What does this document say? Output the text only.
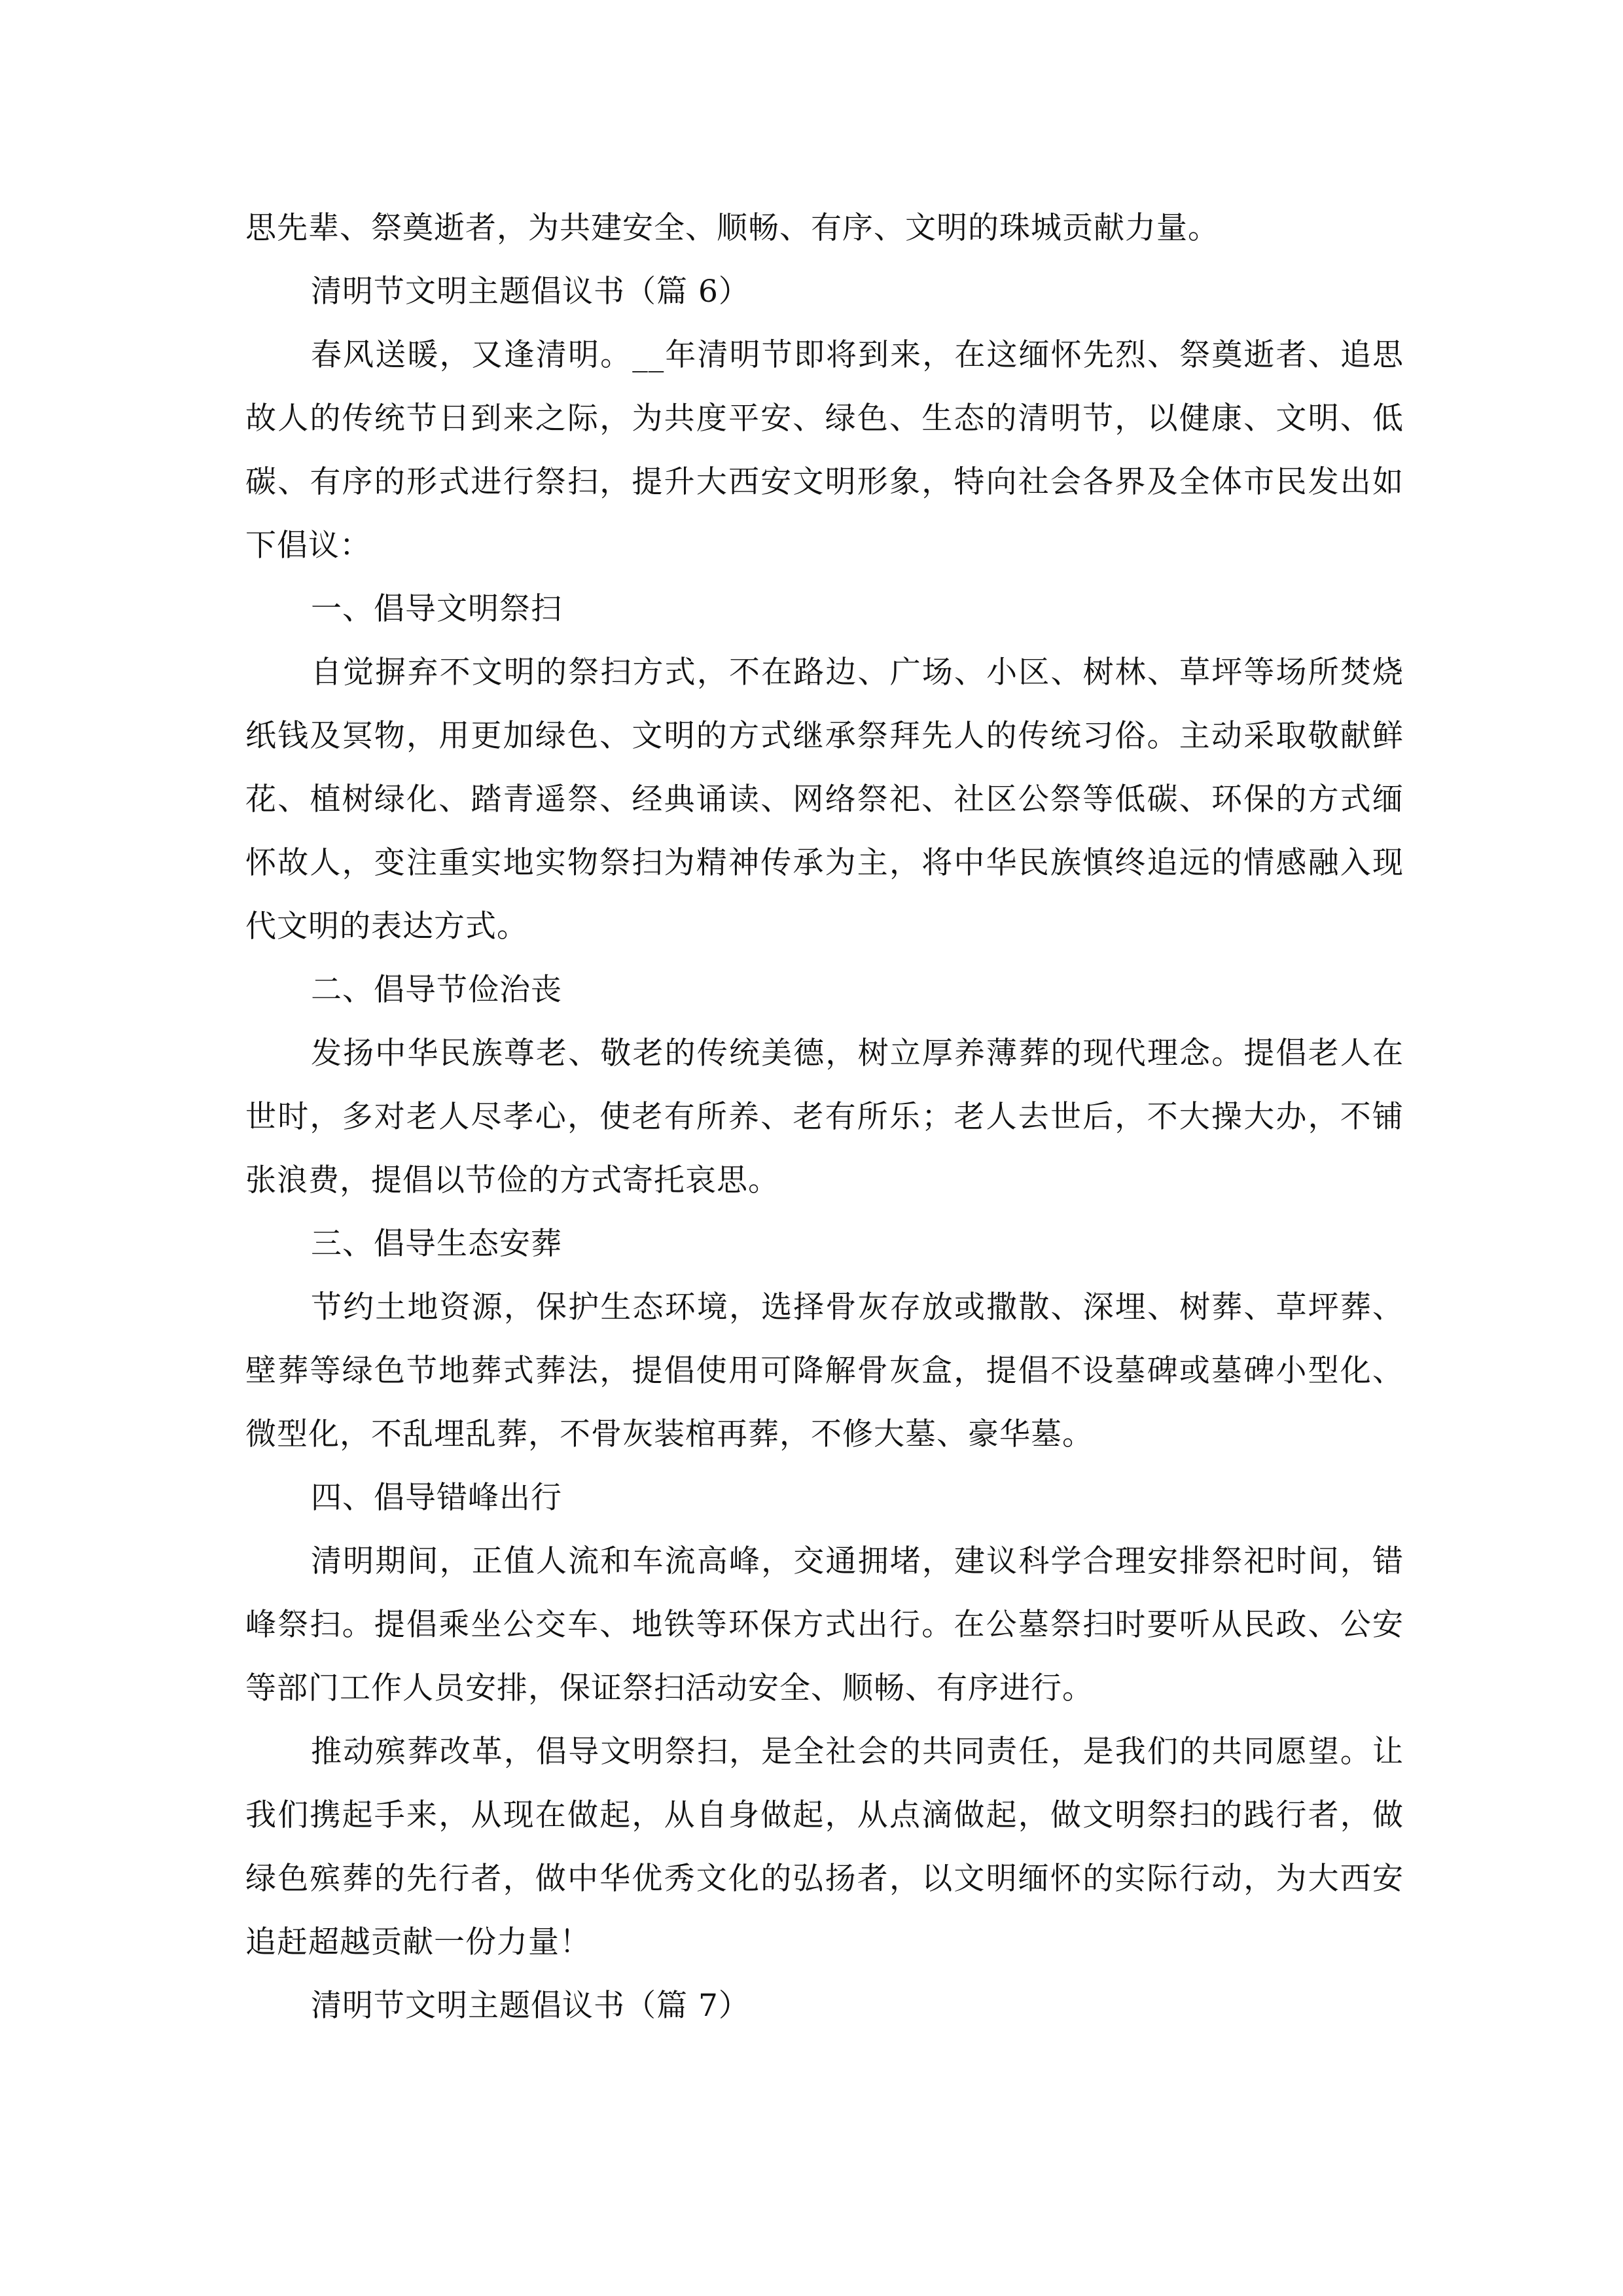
思先辈、祭奠逝者，为共建安全、顺畅、有序、文明的珠城贡献力量。

清明节文明主题倡议书（篇 6）

春风送暖，又逢清明。__年清明节即将到来，在这缅怀先烈、祭奠逝者、追思故人的传统节日到来之际，为共度平安、绿色、生态的清明节，以健康、文明、低碳、有序的形式进行祭扫，提升大西安文明形象，特向社会各界及全体市民发出如下倡议：

一、倡导文明祭扫

自觉摒弃不文明的祭扫方式，不在路边、广场、小区、树林、草坪等场所焚烧纸钱及冥物，用更加绿色、文明的方式继承祭拜先人的传统习俗。主动采取敬献鲜花、植树绿化、踏青遥祭、经典诵读、网络祭祀、社区公祭等低碳、环保的方式缅怀故人，变注重实地实物祭扫为精神传承为主，将中华民族慎终追远的情感融入现代文明的表达方式。

二、倡导节俭治丧

发扬中华民族尊老、敬老的传统美德，树立厚养薄葬的现代理念。提倡老人在世时，多对老人尽孝心，使老有所养、老有所乐；老人去世后，不大操大办，不铺张浪费，提倡以节俭的方式寄托哀思。

三、倡导生态安葬

节约土地资源，保护生态环境，选择骨灰存放或撒散、深埋、树葬、草坪葬、壁葬等绿色节地葬式葬法，提倡使用可降解骨灰盒，提倡不设墓碑或墓碑小型化、微型化，不乱埋乱葬，不骨灰装棺再葬，不修大墓、豪华墓。

四、倡导错峰出行

清明期间，正值人流和车流高峰，交通拥堵，建议科学合理安排祭祀时间，错峰祭扫。提倡乘坐公交车、地铁等环保方式出行。在公墓祭扫时要听从民政、公安等部门工作人员安排，保证祭扫活动安全、顺畅、有序进行。

推动殡葬改革，倡导文明祭扫，是全社会的共同责任，是我们的共同愿望。让我们携起手来，从现在做起，从自身做起，从点滴做起，做文明祭扫的践行者，做绿色殡葬的先行者，做中华优秀文化的弘扬者，以文明缅怀的实际行动，为大西安追赶超越贡献一份力量！

清明节文明主题倡议书（篇 7）
